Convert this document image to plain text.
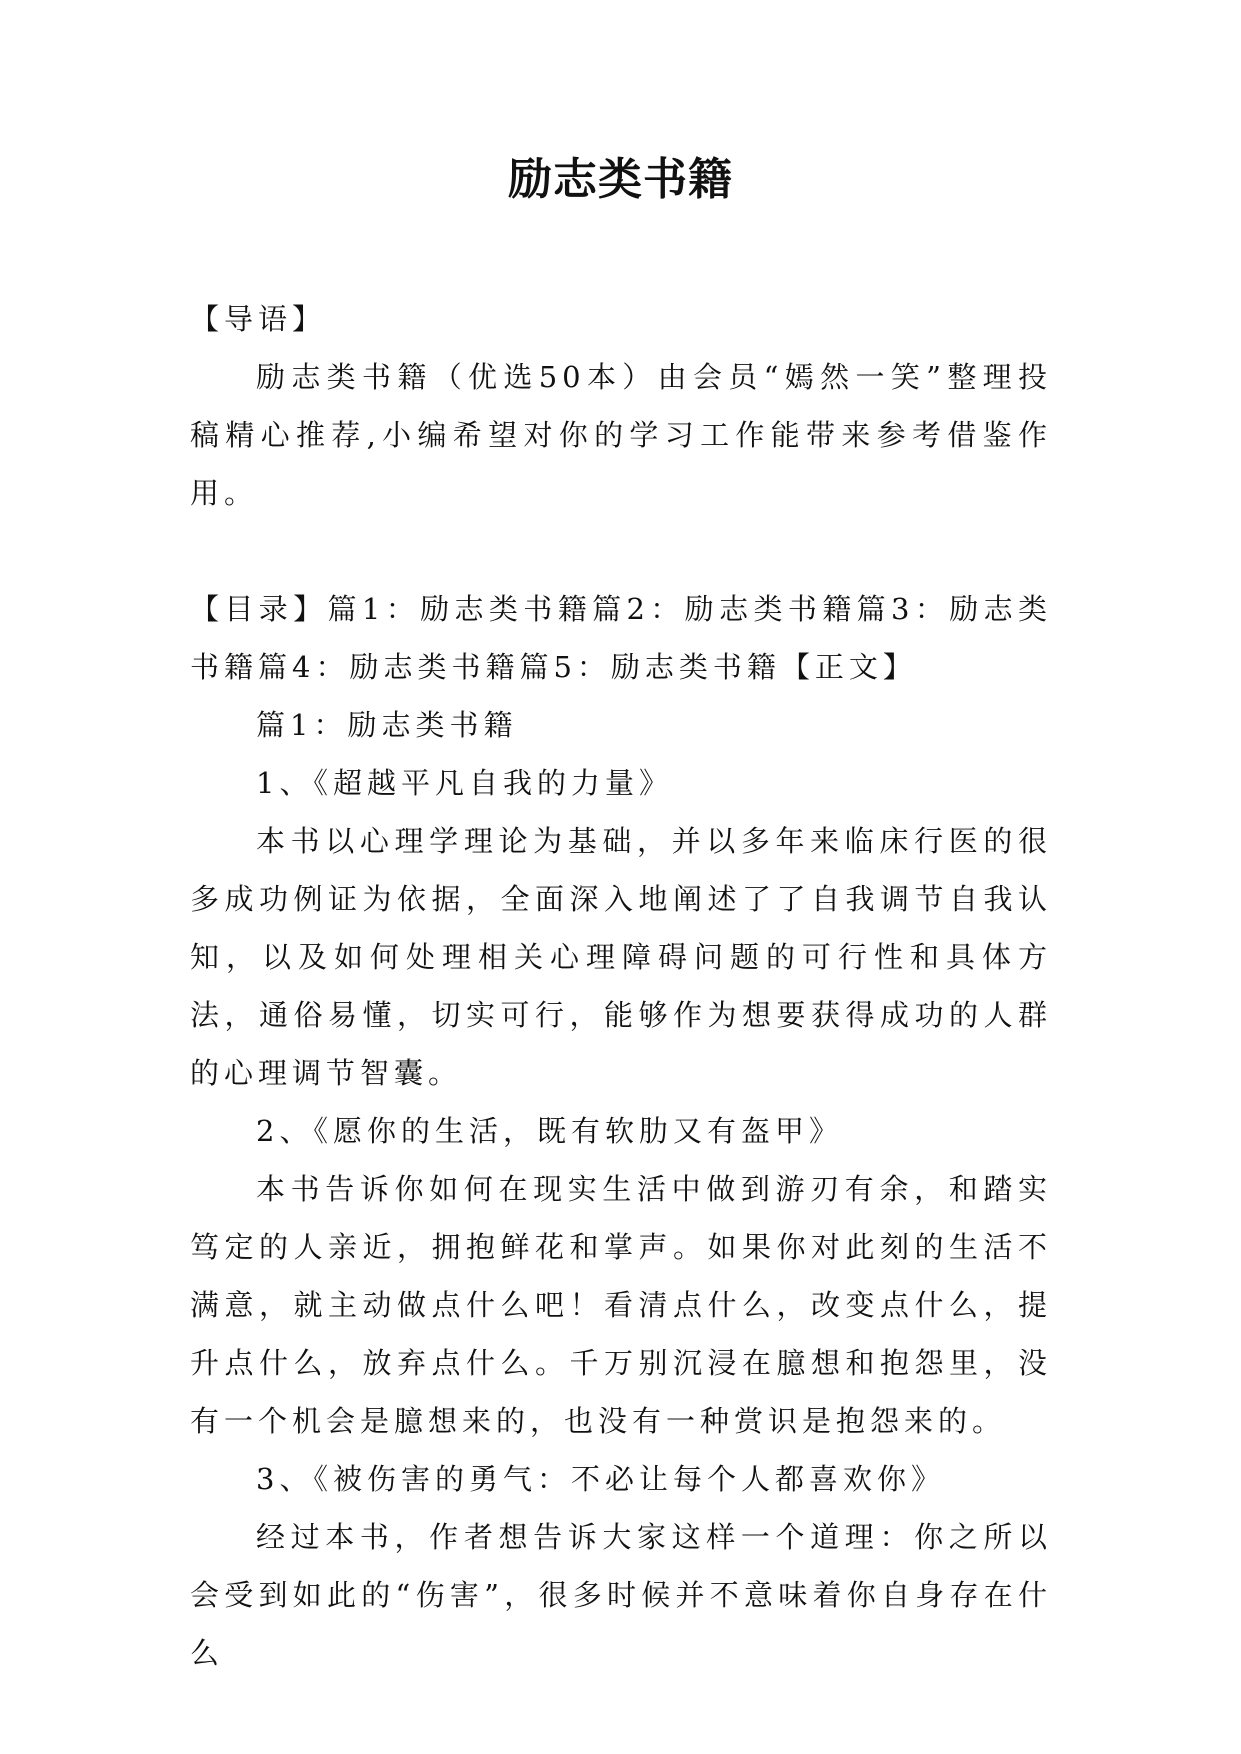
励志类书籍

【导语】

励志类书籍（优选50本）由会员“嫣然一笑”整理投稿精心推荐,小编希望对你的学习工作能带来参考借鉴作用。

【目录】篇1：励志类书籍篇2：励志类书籍篇3：励志类书籍篇4：励志类书籍篇5：励志类书籍【正文】

篇1：励志类书籍

1、《超越平凡自我的力量》

本书以心理学理论为基础，并以多年来临床行医的很多成功例证为依据，全面深入地阐述了了自我调节自我认知，以及如何处理相关心理障碍问题的可行性和具体方法，通俗易懂，切实可行，能够作为想要获得成功的人群的心理调节智囊。

2、《愿你的生活，既有软肋又有盔甲》

本书告诉你如何在现实生活中做到游刃有余，和踏实笃定的人亲近，拥抱鲜花和掌声。如果你对此刻的生活不满意，就主动做点什么吧！看清点什么，改变点什么，提升点什么，放弃点什么。千万别沉浸在臆想和抱怨里，没有一个机会是臆想来的，也没有一种赏识是抱怨来的。

3、《被伤害的勇气：不必让每个人都喜欢你》

经过本书，作者想告诉大家这样一个道理：你之所以会受到如此的“伤害”，很多时候并不意味着你自身存在什么
